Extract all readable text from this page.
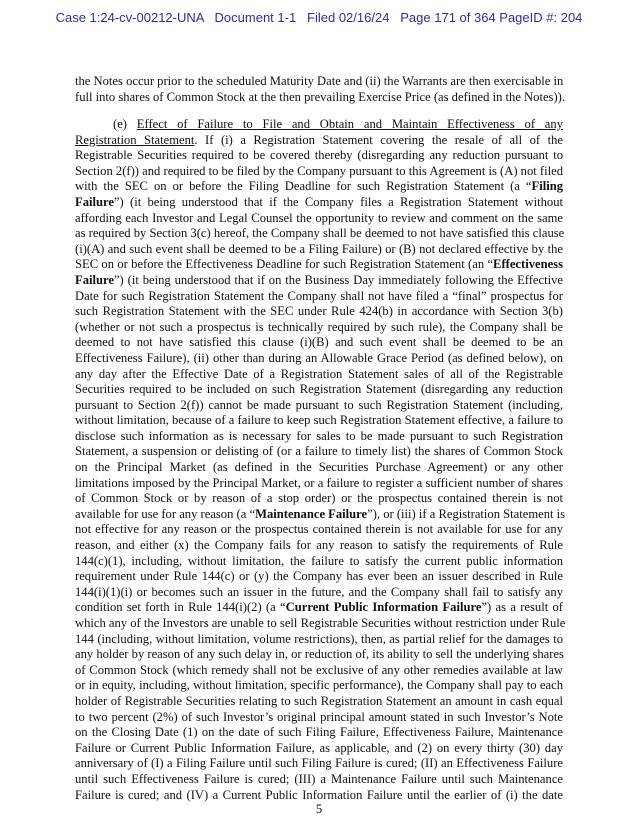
Case 1:24-cv-00212-UNA   Document 1-1   Filed 02/16/24   Page 171 of 364 PageID #: 204
the Notes occur prior to the scheduled Maturity Date and (ii) the Warrants are then exercisable in
full into shares of Common Stock at the then prevailing Exercise Price (as defined in the Notes)).
(e) Effect of Failure to File and Obtain and Maintain Effectiveness of any
Registration Statement. If (i) a Registration Statement covering the resale of all of the
Registrable Securities required to be covered thereby (disregarding any reduction pursuant to
Section 2(f)) and required to be filed by the Company pursuant to this Agreement is (A) not filed
with the SEC on or before the Filing Deadline for such Registration Statement (a “Filing
Failure”) (it being understood that if the Company files a Registration Statement without
affording each Investor and Legal Counsel the opportunity to review and comment on the same
as required by Section 3(c) hereof, the Company shall be deemed to not have satisfied this clause
(i)(A) and such event shall be deemed to be a Filing Failure) or (B) not declared effective by the
SEC on or before the Effectiveness Deadline for such Registration Statement (an “Effectiveness
Failure”) (it being understood that if on the Business Day immediately following the Effective
Date for such Registration Statement the Company shall not have filed a “final” prospectus for
such Registration Statement with the SEC under Rule 424(b) in accordance with Section 3(b)
(whether or not such a prospectus is technically required by such rule), the Company shall be
deemed to not have satisfied this clause (i)(B) and such event shall be deemed to be an
Effectiveness Failure), (ii) other than during an Allowable Grace Period (as defined below), on
any day after the Effective Date of a Registration Statement sales of all of the Registrable
Securities required to be included on such Registration Statement (disregarding any reduction
pursuant to Section 2(f)) cannot be made pursuant to such Registration Statement (including,
without limitation, because of a failure to keep such Registration Statement effective, a failure to
disclose such information as is necessary for sales to be made pursuant to such Registration
Statement, a suspension or delisting of (or a failure to timely list) the shares of Common Stock
on the Principal Market (as defined in the Securities Purchase Agreement) or any other
limitations imposed by the Principal Market, or a failure to register a sufficient number of shares
of Common Stock or by reason of a stop order) or the prospectus contained therein is not
available for use for any reason (a “Maintenance Failure”), or (iii) if a Registration Statement is
not effective for any reason or the prospectus contained therein is not available for use for any
reason, and either (x) the Company fails for any reason to satisfy the requirements of Rule
144(c)(1), including, without limitation, the failure to satisfy the current public information
requirement under Rule 144(c) or (y) the Company has ever been an issuer described in Rule
144(i)(1)(i) or becomes such an issuer in the future, and the Company shall fail to satisfy any
condition set forth in Rule 144(i)(2) (a “Current Public Information Failure”) as a result of
which any of the Investors are unable to sell Registrable Securities without restriction under Rule
144 (including, without limitation, volume restrictions), then, as partial relief for the damages to
any holder by reason of any such delay in, or reduction of, its ability to sell the underlying shares
of Common Stock (which remedy shall not be exclusive of any other remedies available at law
or in equity, including, without limitation, specific performance), the Company shall pay to each
holder of Registrable Securities relating to such Registration Statement an amount in cash equal
to two percent (2%) of such Investor’s original principal amount stated in such Investor’s Note
on the Closing Date (1) on the date of such Filing Failure, Effectiveness Failure, Maintenance
Failure or Current Public Information Failure, as applicable, and (2) on every thirty (30) day
anniversary of (I) a Filing Failure until such Filing Failure is cured; (II) an Effectiveness Failure
until such Effectiveness Failure is cured; (III) a Maintenance Failure until such Maintenance
Failure is cured; and (IV) a Current Public Information Failure until the earlier of (i) the date
5
